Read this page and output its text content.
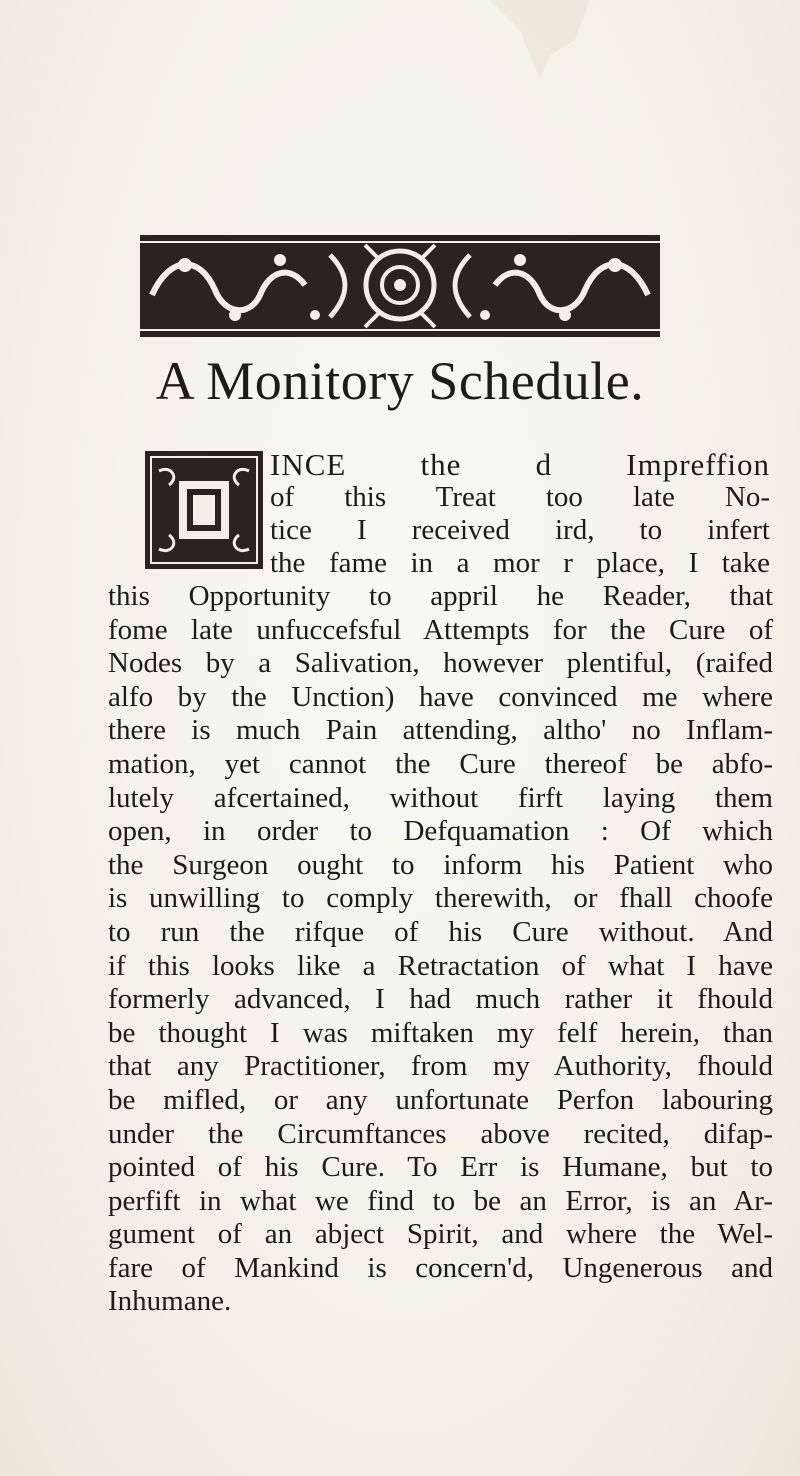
A Monitory Schedule.
INCE the d Impreffion
of this Treat too late No-
tice I received ird, to infert
the fame in a mor r place, I take
this Opportunity to appril he Reader, that
fome late unfuccefsful Attempts for the Cure of
Nodes by a Salivation, however plentiful, (raifed
alfo by the Unction) have convinced me where
there is much Pain attending, altho' no Inflam-
mation, yet cannot the Cure thereof be abfo-
lutely afcertained, without firft laying them
open, in order to Defquamation : Of which
the Surgeon ought to inform his Patient who
is unwilling to comply therewith, or fhall choofe
to run the rifque of his Cure without. And
if this looks like a Retractation of what I have
formerly advanced, I had much rather it fhould
be thought I was miftaken my felf herein, than
that any Practitioner, from my Authority, fhould
be mifled, or any unfortunate Perfon labouring
under the Circumftances above recited, difap-
pointed of his Cure. To Err is Humane, but to
perfift in what we find to be an Error, is an Ar-
gument of an abject Spirit, and where the Wel-
fare of Mankind is concern'd, Ungenerous and
Inhumane.
